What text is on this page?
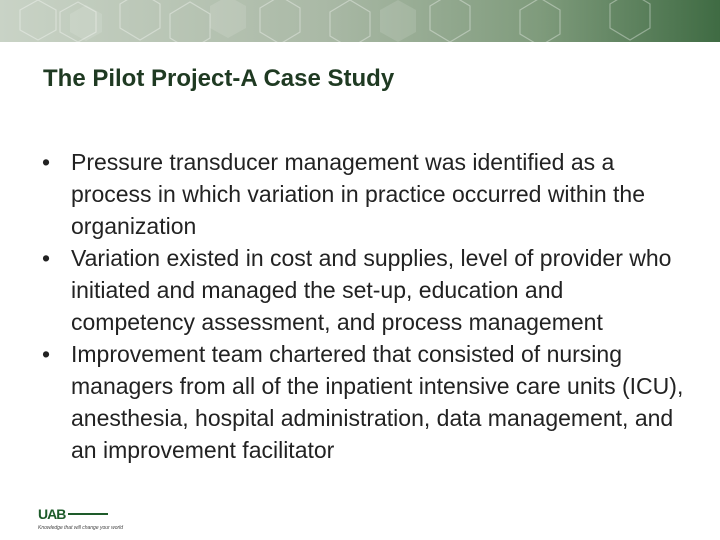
The Pilot Project-A Case Study
• Pressure transducer management was identified as a process in which variation in practice occurred within the organization
• Variation existed in cost and supplies, level of provider who initiated and managed the set-up, education and competency assessment, and process management
• Improvement team chartered that consisted of nursing managers from all of the inpatient intensive care units (ICU), anesthesia, hospital administration, data management, and an improvement facilitator
UAB
Knowledge that will change your world
